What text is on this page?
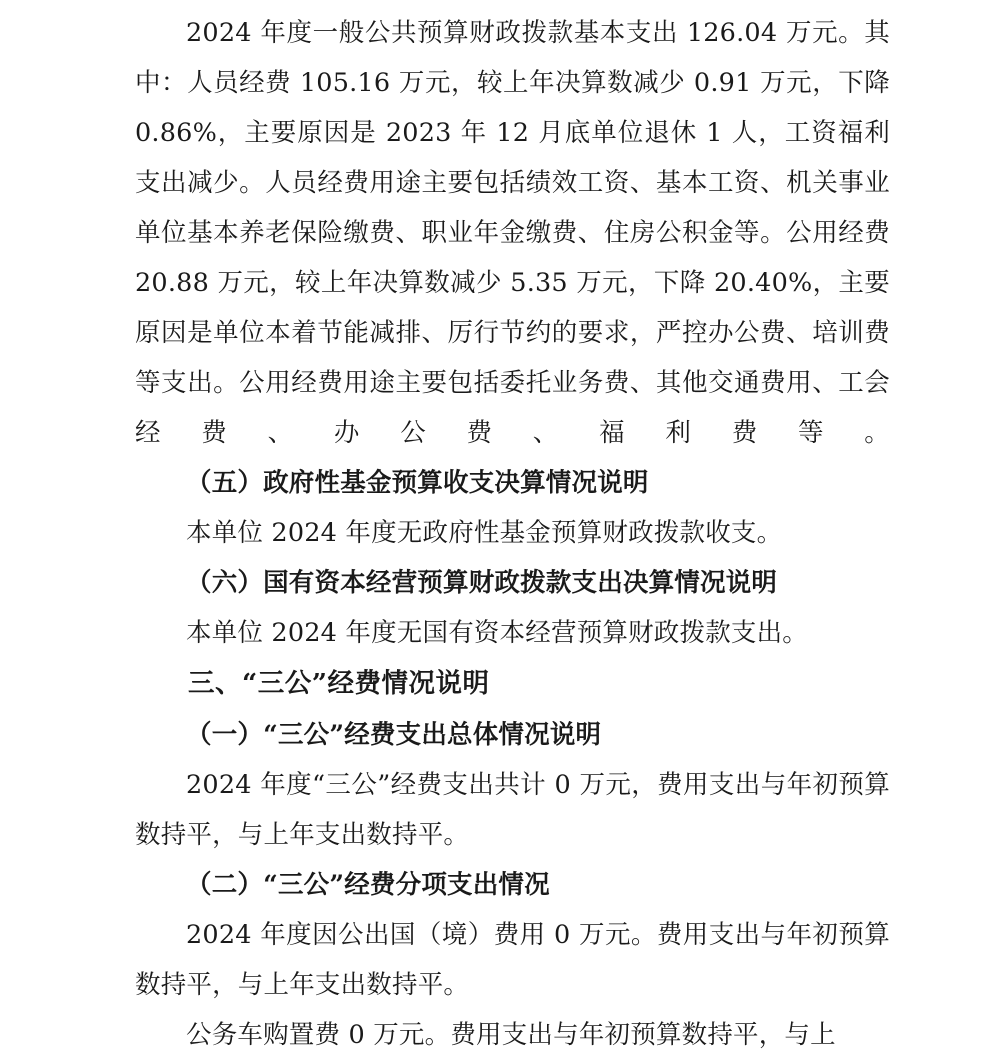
2024 年度一般公共预算财政拨款基本支出 126.04 万元。其中：人员经费 105.16 万元，较上年决算数减少 0.91 万元，下降 0.86%，主要原因是 2023 年 12 月底单位退休 1 人，工资福利支出减少。人员经费用途主要包括绩效工资、基本工资、机关事业单位基本养老保险缴费、职业年金缴费、住房公积金等。公用经费 20.88 万元，较上年决算数减少 5.35 万元，下降 20.40%，主要原因是单位本着节能减排、厉行节约的要求，严控办公费、培训费等支出。公用经费用途主要包括委托业务费、其他交通费用、工会经费、办公费、福利费等。

（五）政府性基金预算收支决算情况说明

本单位 2024 年度无政府性基金预算财政拨款收支。

（六）国有资本经营预算财政拨款支出决算情况说明

本单位 2024 年度无国有资本经营预算财政拨款支出。

三、“三公”经费情况说明

（一）“三公”经费支出总体情况说明

2024 年度“三公”经费支出共计 0 万元，费用支出与年初预算数持平，与上年支出数持平。

（二）“三公”经费分项支出情况

2024 年度因公出国（境）费用 0 万元。费用支出与年初预算数持平，与上年支出数持平。

公务车购置费 0 万元。费用支出与年初预算数持平，与上
